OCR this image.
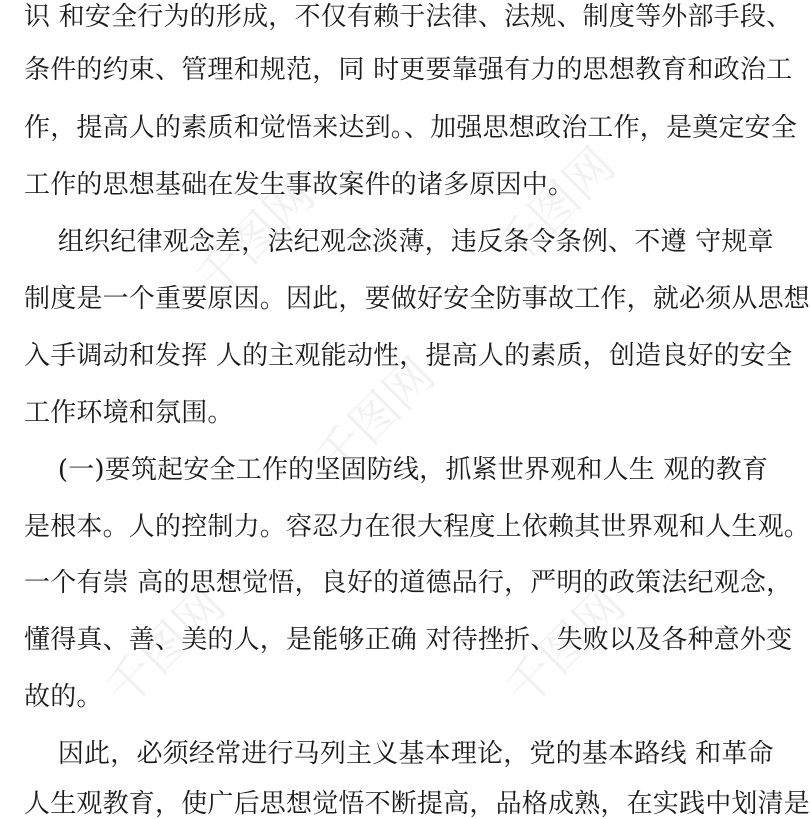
千图网	千图网
千图网
千图网	千图网
识 和安全行为的形成，不仅有赖于法律、法规、制度等外部手段、
条件的约束、管理和规范，同 时更要靠强有力的思想教育和政治工
作，提高人的素质和觉悟来达到。、加强思想政治工作，是奠定安全
工作的思想基础在发生事故案件的诸多原因中。
组织纪律观念差，法纪观念淡薄，违反条令条例、不遵 守规章
制度是一个重要原因。因此，要做好安全防事故工作，就必须从思想
入手调动和发挥 人的主观能动性，提高人的素质，创造良好的安全
工作环境和氛围。
(一)要筑起安全工作的坚固防线，抓紧世界观和人生 观的教育
是根本。人的控制力。容忍力在很大程度上依赖其世界观和人生观。
一个有崇 高的思想觉悟，良好的道德品行，严明的政策法纪观念，
懂得真、善、美的人，是能够正确 对待挫折、失败以及各种意外变
故的。
因此，必须经常进行马列主义基本理论，党的基本路线 和革命
人生观教育，使广后思想觉悟不断提高，品格成熟，在实践中划清是
